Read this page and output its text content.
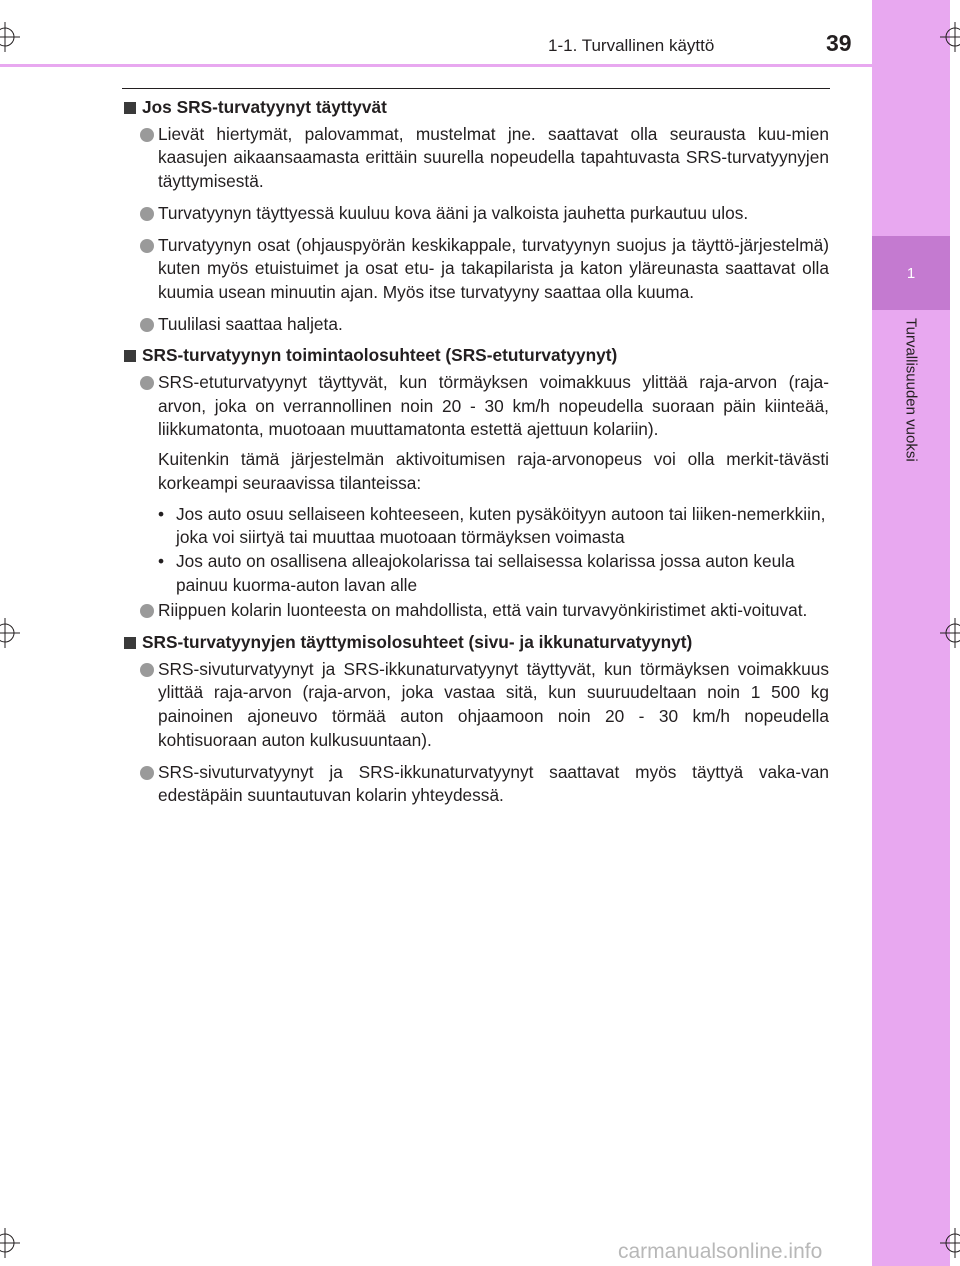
1
Turvallisuuden vuoksi
1-1. Turvallinen käyttö	39
Jos SRS-turvatyynyt täyttyvät
Lievät hiertymät, palovammat, mustelmat jne. saattavat olla seurausta kuu-mien kaasujen aikaansaamasta erittäin suurella nopeudella tapahtuvasta SRS-turvatyynyjen täyttymisestä.
Turvatyynyn täyttyessä kuuluu kova ääni ja valkoista jauhetta purkautuu ulos.
Turvatyynyn osat (ohjauspyörän keskikappale, turvatyynyn suojus ja täyttö-järjestelmä) kuten myös etuistuimet ja osat etu- ja takapilarista ja katon yläreunasta saattavat olla kuumia usean minuutin ajan. Myös itse turvatyyny saattaa olla kuuma.
Tuulilasi saattaa haljeta.
SRS-turvatyynyn toimintaolosuhteet (SRS-etuturvatyynyt)
SRS-etuturvatyynyt täyttyvät, kun törmäyksen voimakkuus ylittää raja-arvon (raja-arvon, joka on verrannollinen noin 20 - 30 km/h nopeudella suoraan päin kiinteää, liikkumatonta, muotoaan muuttamatonta estettä ajettuun kolariin).
Kuitenkin tämä järjestelmän aktivoitumisen raja-arvonopeus voi olla merkit-tävästi korkeampi seuraavissa tilanteissa:
• Jos auto osuu sellaiseen kohteeseen, kuten pysäköityyn autoon tai liiken-nemerkkiin, joka voi siirtyä tai muuttaa muotoaan törmäyksen voimasta
• Jos auto on osallisena alleajokolarissa tai sellaisessa kolarissa jossa auton keula painuu kuorma-auton lavan alle
Riippuen kolarin luonteesta on mahdollista, että vain turvavyönkiristimet akti-voituvat.
SRS-turvatyynyjen täyttymisolosuhteet (sivu- ja ikkunaturvatyynyt)
SRS-sivuturvatyynyt ja SRS-ikkunaturvatyynyt täyttyvät, kun törmäyksen voimakkuus ylittää raja-arvon (raja-arvon, joka vastaa sitä, kun suuruudeltaan noin 1 500 kg painoinen ajoneuvo törmää auton ohjaamoon noin 20 - 30 km/h nopeudella kohtisuoraan auton kulkusuuntaan).
SRS-sivuturvatyynyt ja SRS-ikkunaturvatyynyt saattavat myös täyttyä vaka-van edestäpäin suuntautuvan kolarin yhteydessä.
carmanualsonline.info
